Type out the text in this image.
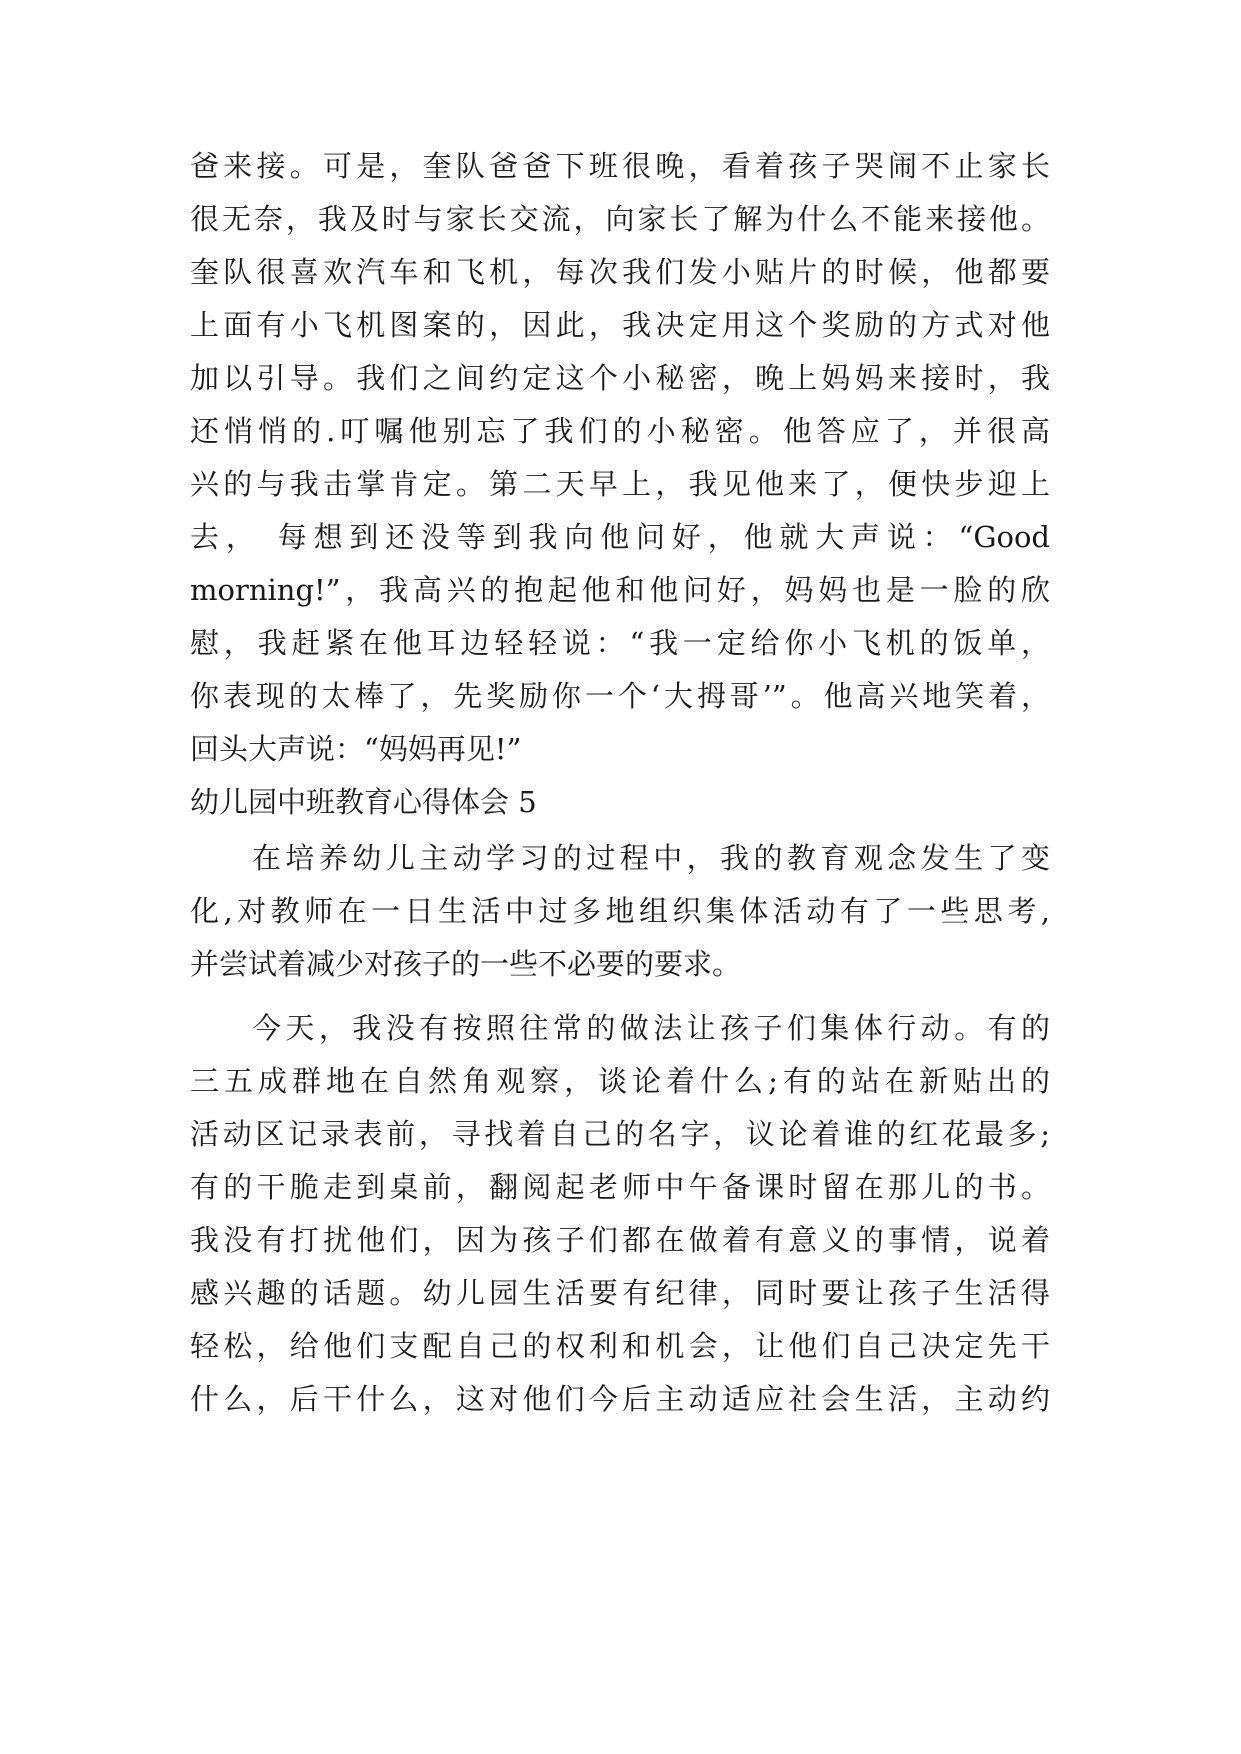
爸来接。可是，奎队爸爸下班很晚，看着孩子哭闹不止家长
很无奈，我及时与家长交流，向家长了解为什么不能来接他。
奎队很喜欢汽车和飞机，每次我们发小贴片的时候，他都要
上面有小飞机图案的，因此，我决定用这个奖励的方式对他
加以引导。我们之间约定这个小秘密，晚上妈妈来接时，我
还悄悄的.叮嘱他别忘了我们的小秘密。他答应了，并很高
兴的与我击掌肯定。第二天早上，我见他来了，便快步迎上
去， 每想到还没等到我向他问好，他就大声说：“Good
morning!”，我高兴的抱起他和他问好，妈妈也是一脸的欣
慰，我赶紧在他耳边轻轻说：“我一定给你小飞机的饭单，
你表现的太棒了，先奖励你一个‘大拇哥’”。他高兴地笑着，
回头大声说：“妈妈再见!”
幼儿园中班教育心得体会 5
在培养幼儿主动学习的过程中，我的教育观念发生了变
化,对教师在一日生活中过多地组织集体活动有了一些思考,
并尝试着减少对孩子的一些不必要的要求。
今天，我没有按照往常的做法让孩子们集体行动。有的
三五成群地在自然角观察，谈论着什么;有的站在新贴出的
活动区记录表前，寻找着自己的名字，议论着谁的红花最多;
有的干脆走到桌前，翻阅起老师中午备课时留在那儿的书。
我没有打扰他们，因为孩子们都在做着有意义的事情，说着
感兴趣的话题。幼儿园生活要有纪律，同时要让孩子生活得
轻松，给他们支配自己的权利和机会，让他们自己决定先干
什么，后干什么，这对他们今后主动适应社会生活，主动约
